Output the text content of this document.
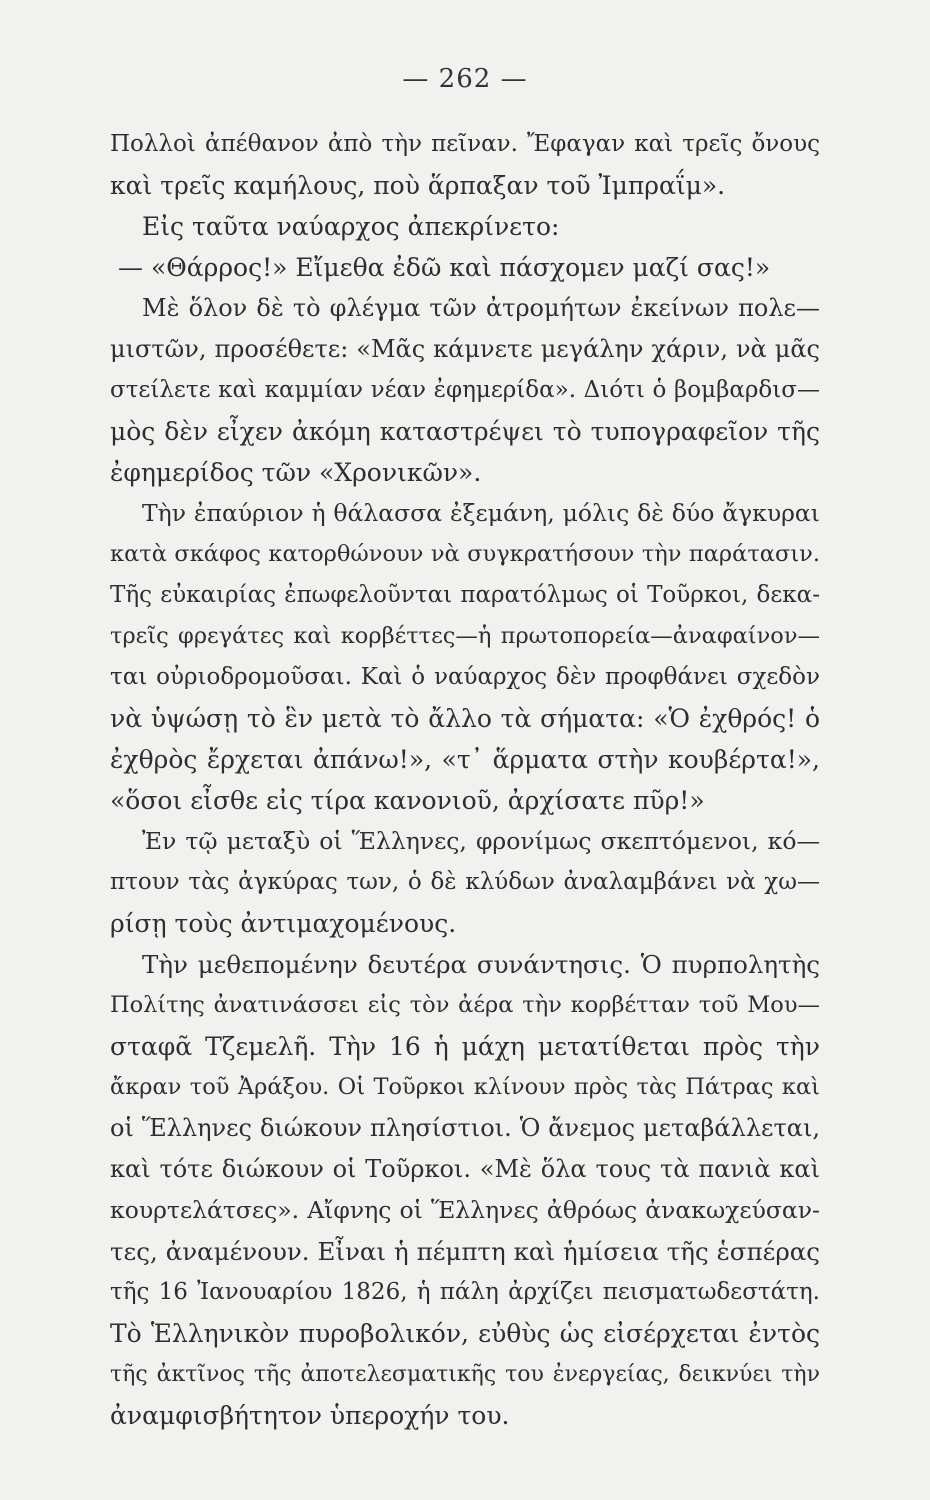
— 262 —
Πολλοὶ ἀπέθανον ἀπὸ τὴν πεῖναν. Ἔφαγαν καὶ τρεῖς ὄνους
καὶ τρεῖς καμήλους, ποὺ ἅρπαξαν τοῦ Ἰμπραΐμ».
Εἰς ταῦτα ναύαρχος ἀπεκρίνετο:
— «Θάρρος!» Εἴμεθα ἐδῶ καὶ πάσχομεν μαζί σας!»
Μὲ ὅλον δὲ τὸ φλέγμα τῶν ἀτρομήτων ἐκείνων πολε—
μιστῶν, προσέθετε: «Μᾶς κάμνετε μεγάλην χάριν, νὰ μᾶς
στείλετε καὶ καμμίαν νέαν ἐφημερίδα». Διότι ὁ βομβαρδισ—
μὸς δὲν εἶχεν ἀκόμη καταστρέψει τὸ τυπογραφεῖον τῆς
ἐφημερίδος τῶν «Χρονικῶν».
Τὴν ἐπαύριον ἡ θάλασσα ἐξεμάνη, μόλις δὲ δύο ἄγκυραι
κατὰ σκάφος κατορθώνουν νὰ συγκρατήσουν τὴν παράτασιν.
Τῆς εὐκαιρίας ἐπωφελοῦνται παρατόλμως οἱ Τοῦρκοι, δεκα-
τρεῖς φρεγάτες καὶ κορβέττες—ἡ πρωτοπορεία—ἀναφαίνον—
ται οὐριοδρομοῦσαι. Καὶ ὁ ναύαρχος δὲν προφθάνει σχεδὸν
νὰ ὑψώσῃ τὸ ἓν μετὰ τὸ ἄλλο τὰ σήματα: «Ὁ ἐχθρός! ὁ
ἐχθρὸς ἔρχεται ἀπάνω!», «τ᾽ ἅρματα στὴν κουβέρτα!»,
«ὅσοι εἶσθε εἰς τίρα κανονιοῦ, ἀρχίσατε πῦρ!»
Ἐν τῷ μεταξὺ οἱ Ἕλληνες, φρονίμως σκεπτόμενοι, κό—
πτουν τὰς ἀγκύρας των, ὁ δὲ κλύδων ἀναλαμβάνει νὰ χω—
ρίσῃ τοὺς ἀντιμαχομένους.
Τὴν μεθεπομένην δευτέρα συνάντησις. Ὁ πυρπολητὴς
Πολίτης ἀνατινάσσει εἰς τὸν ἀέρα τὴν κορβέτταν τοῦ Μου—
σταφᾶ Τζεμελῆ. Τὴν 16 ἡ μάχη μετατίθεται πρὸς τὴν
ἄκραν τοῦ Ἀράξου. Οἱ Τοῦρκοι κλίνουν πρὸς τὰς Πάτρας καὶ
οἱ Ἕλληνες διώκουν πλησίστιοι. Ὁ ἄνεμος μεταβάλλεται,
καὶ τότε διώκουν οἱ Τοῦρκοι. «Μὲ ὅλα τους τὰ πανιὰ καὶ
κουρτελάτσες». Αἴφνης οἱ Ἕλληνες ἀθρόως ἀνακωχεύσαν-
τες, ἀναμένουν. Εἶναι ἡ πέμπτη καὶ ἡμίσεια τῆς ἑσπέρας
τῆς 16 Ἰανουαρίου 1826, ἡ πάλη ἀρχίζει πεισματωδεστάτη.
Τὸ Ἑλληνικὸν πυροβολικόν, εὐθὺς ὡς εἰσέρχεται ἐντὸς
τῆς ἀκτῖνος τῆς ἀποτελεσματικῆς του ἐνεργείας, δεικνύει τὴν
ἀναμφισβήτητον ὑπεροχήν του.
